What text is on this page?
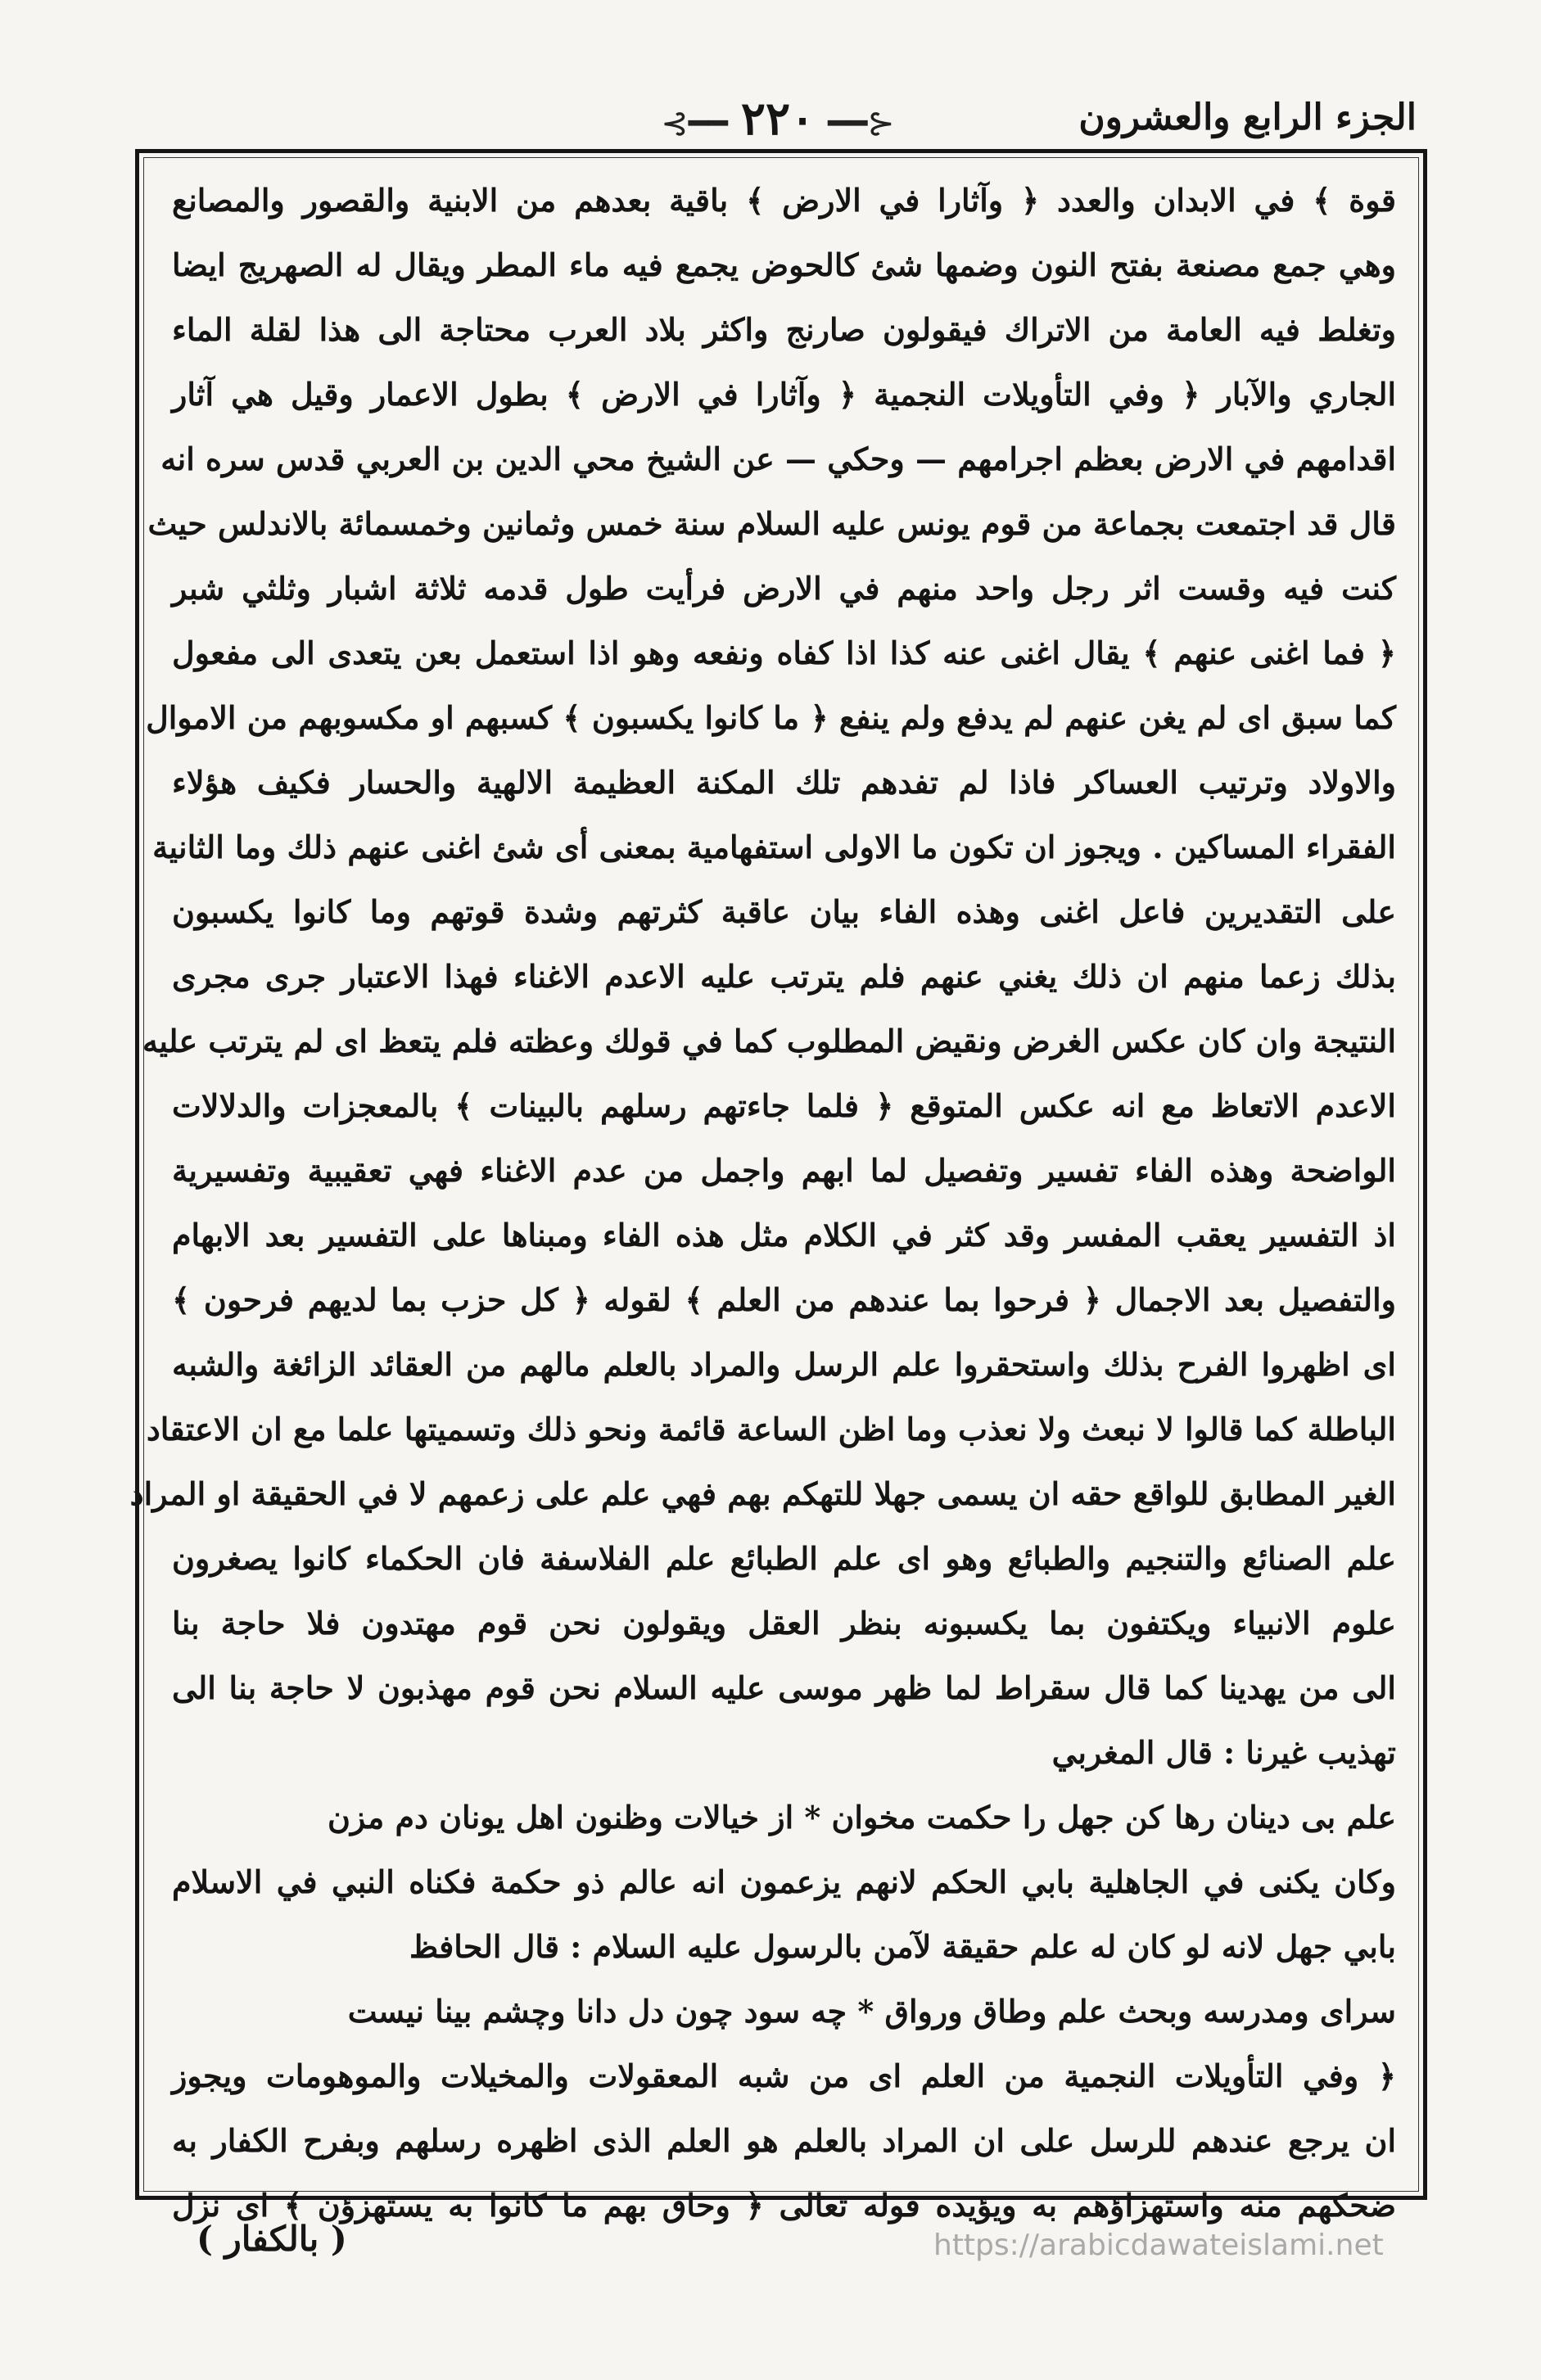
الجزء الرابع والعشرون
⊰━━٢٢٠━━⊱
قوة ﴾ في الابدان والعدد ﴿ وآثارا في الارض ﴾ باقية بعدهم من الابنية والقصور والمصانع
وهي جمع مصنعة بفتح النون وضمها شئ كالحوض يجمع فيه ماء المطر ويقال له الصهريج ايضا
وتغلط فيه العامة من الاتراك فيقولون صارنج واكثر بلاد العرب محتاجة الى هذا لقلة الماء
الجاري والآبار ﴿ وفي التأويلات النجمية ﴿ وآثارا في الارض ﴾ بطول الاعمار وقيل هي آثار
اقدامهم في الارض بعظم اجرامهم — وحكي — عن الشيخ محي الدين بن العربي قدس سره انه
قال قد اجتمعت بجماعة من قوم يونس عليه السلام سنة خمس وثمانين وخمسمائة بالاندلس حيث
كنت فيه وقست اثر رجل واحد منهم في الارض فرأيت طول قدمه ثلاثة اشبار وثلثي شبر
﴿ فما اغنى عنهم ﴾ يقال اغنى عنه كذا اذا كفاه ونفعه وهو اذا استعمل بعن يتعدى الى مفعول
كما سبق اى لم يغن عنهم لم يدفع ولم ينفع ﴿ ما كانوا يكسبون ﴾ كسبهم او مكسوبهم من الاموال
والاولاد وترتيب العساكر فاذا لم تفدهم تلك المكنة العظيمة الالهية والحسار فكيف هؤلاء
الفقراء المساكين . ويجوز ان تكون ما الاولى استفهامية بمعنى أى شئ اغنى عنهم ذلك وما الثانية
على التقديرين فاعل اغنى وهذه الفاء بيان عاقبة كثرتهم وشدة قوتهم وما كانوا يكسبون
بذلك زعما منهم ان ذلك يغني عنهم فلم يترتب عليه الاعدم الاغناء فهذا الاعتبار جرى مجرى
النتيجة وان كان عكس الغرض ونقيض المطلوب كما في قولك وعظته فلم يتعظ اى لم يترتب عليه
الاعدم الاتعاظ مع انه عكس المتوقع ﴿ فلما جاءتهم رسلهم بالبينات ﴾ بالمعجزات والدلالات
الواضحة وهذه الفاء تفسير وتفصيل لما ابهم واجمل من عدم الاغناء فهي تعقيبية وتفسيرية
اذ التفسير يعقب المفسر وقد كثر في الكلام مثل هذه الفاء ومبناها على التفسير بعد الابهام
والتفصيل بعد الاجمال ﴿ فرحوا بما عندهم من العلم ﴾ لقوله ﴿ كل حزب بما لديهم فرحون ﴾
اى اظهروا الفرح بذلك واستحقروا علم الرسل والمراد بالعلم مالهم من العقائد الزائغة والشبه
الباطلة كما قالوا لا نبعث ولا نعذب وما اظن الساعة قائمة ونحو ذلك وتسميتها علما مع ان الاعتقاد
الغير المطابق للواقع حقه ان يسمى جهلا للتهكم بهم فهي علم على زعمهم لا في الحقيقة او المراد
علم الصنائع والتنجيم والطبائع وهو اى علم الطبائع علم الفلاسفة فان الحكماء كانوا يصغرون
علوم الانبياء ويكتفون بما يكسبونه بنظر العقل ويقولون نحن قوم مهتدون فلا حاجة بنا
الى من يهدينا كما قال سقراط لما ظهر موسى عليه السلام نحن قوم مهذبون لا حاجة بنا الى
تهذيب غيرنا : قال المغربي
علم بى دينان رها كن جهل را حكمت مخوان * از خيالات وظنون اهل يونان دم مزن
وكان يكنى في الجاهلية بابي الحكم لانهم يزعمون انه عالم ذو حكمة فكناه النبي في الاسلام
بابي جهل لانه لو كان له علم حقيقة لآمن بالرسول عليه السلام : قال الحافظ
سراى ومدرسه وبحث علم وطاق ورواق * چه سود چون دل دانا وچشم بينا نيست
﴿ وفي التأويلات النجمية من العلم اى من شبه المعقولات والمخيلات والموهومات ويجوز
ان يرجع عندهم للرسل على ان المراد بالعلم هو العلم الذى اظهره رسلهم وبفرح الكفار به
ضحكهم منه واستهزاؤهم به ويؤيده قوله تعالى ﴿ وحاق بهم ما كانوا به يستهزؤن ﴾ اى نزل
( بالكفار )	https://arabicdawateislami.net
